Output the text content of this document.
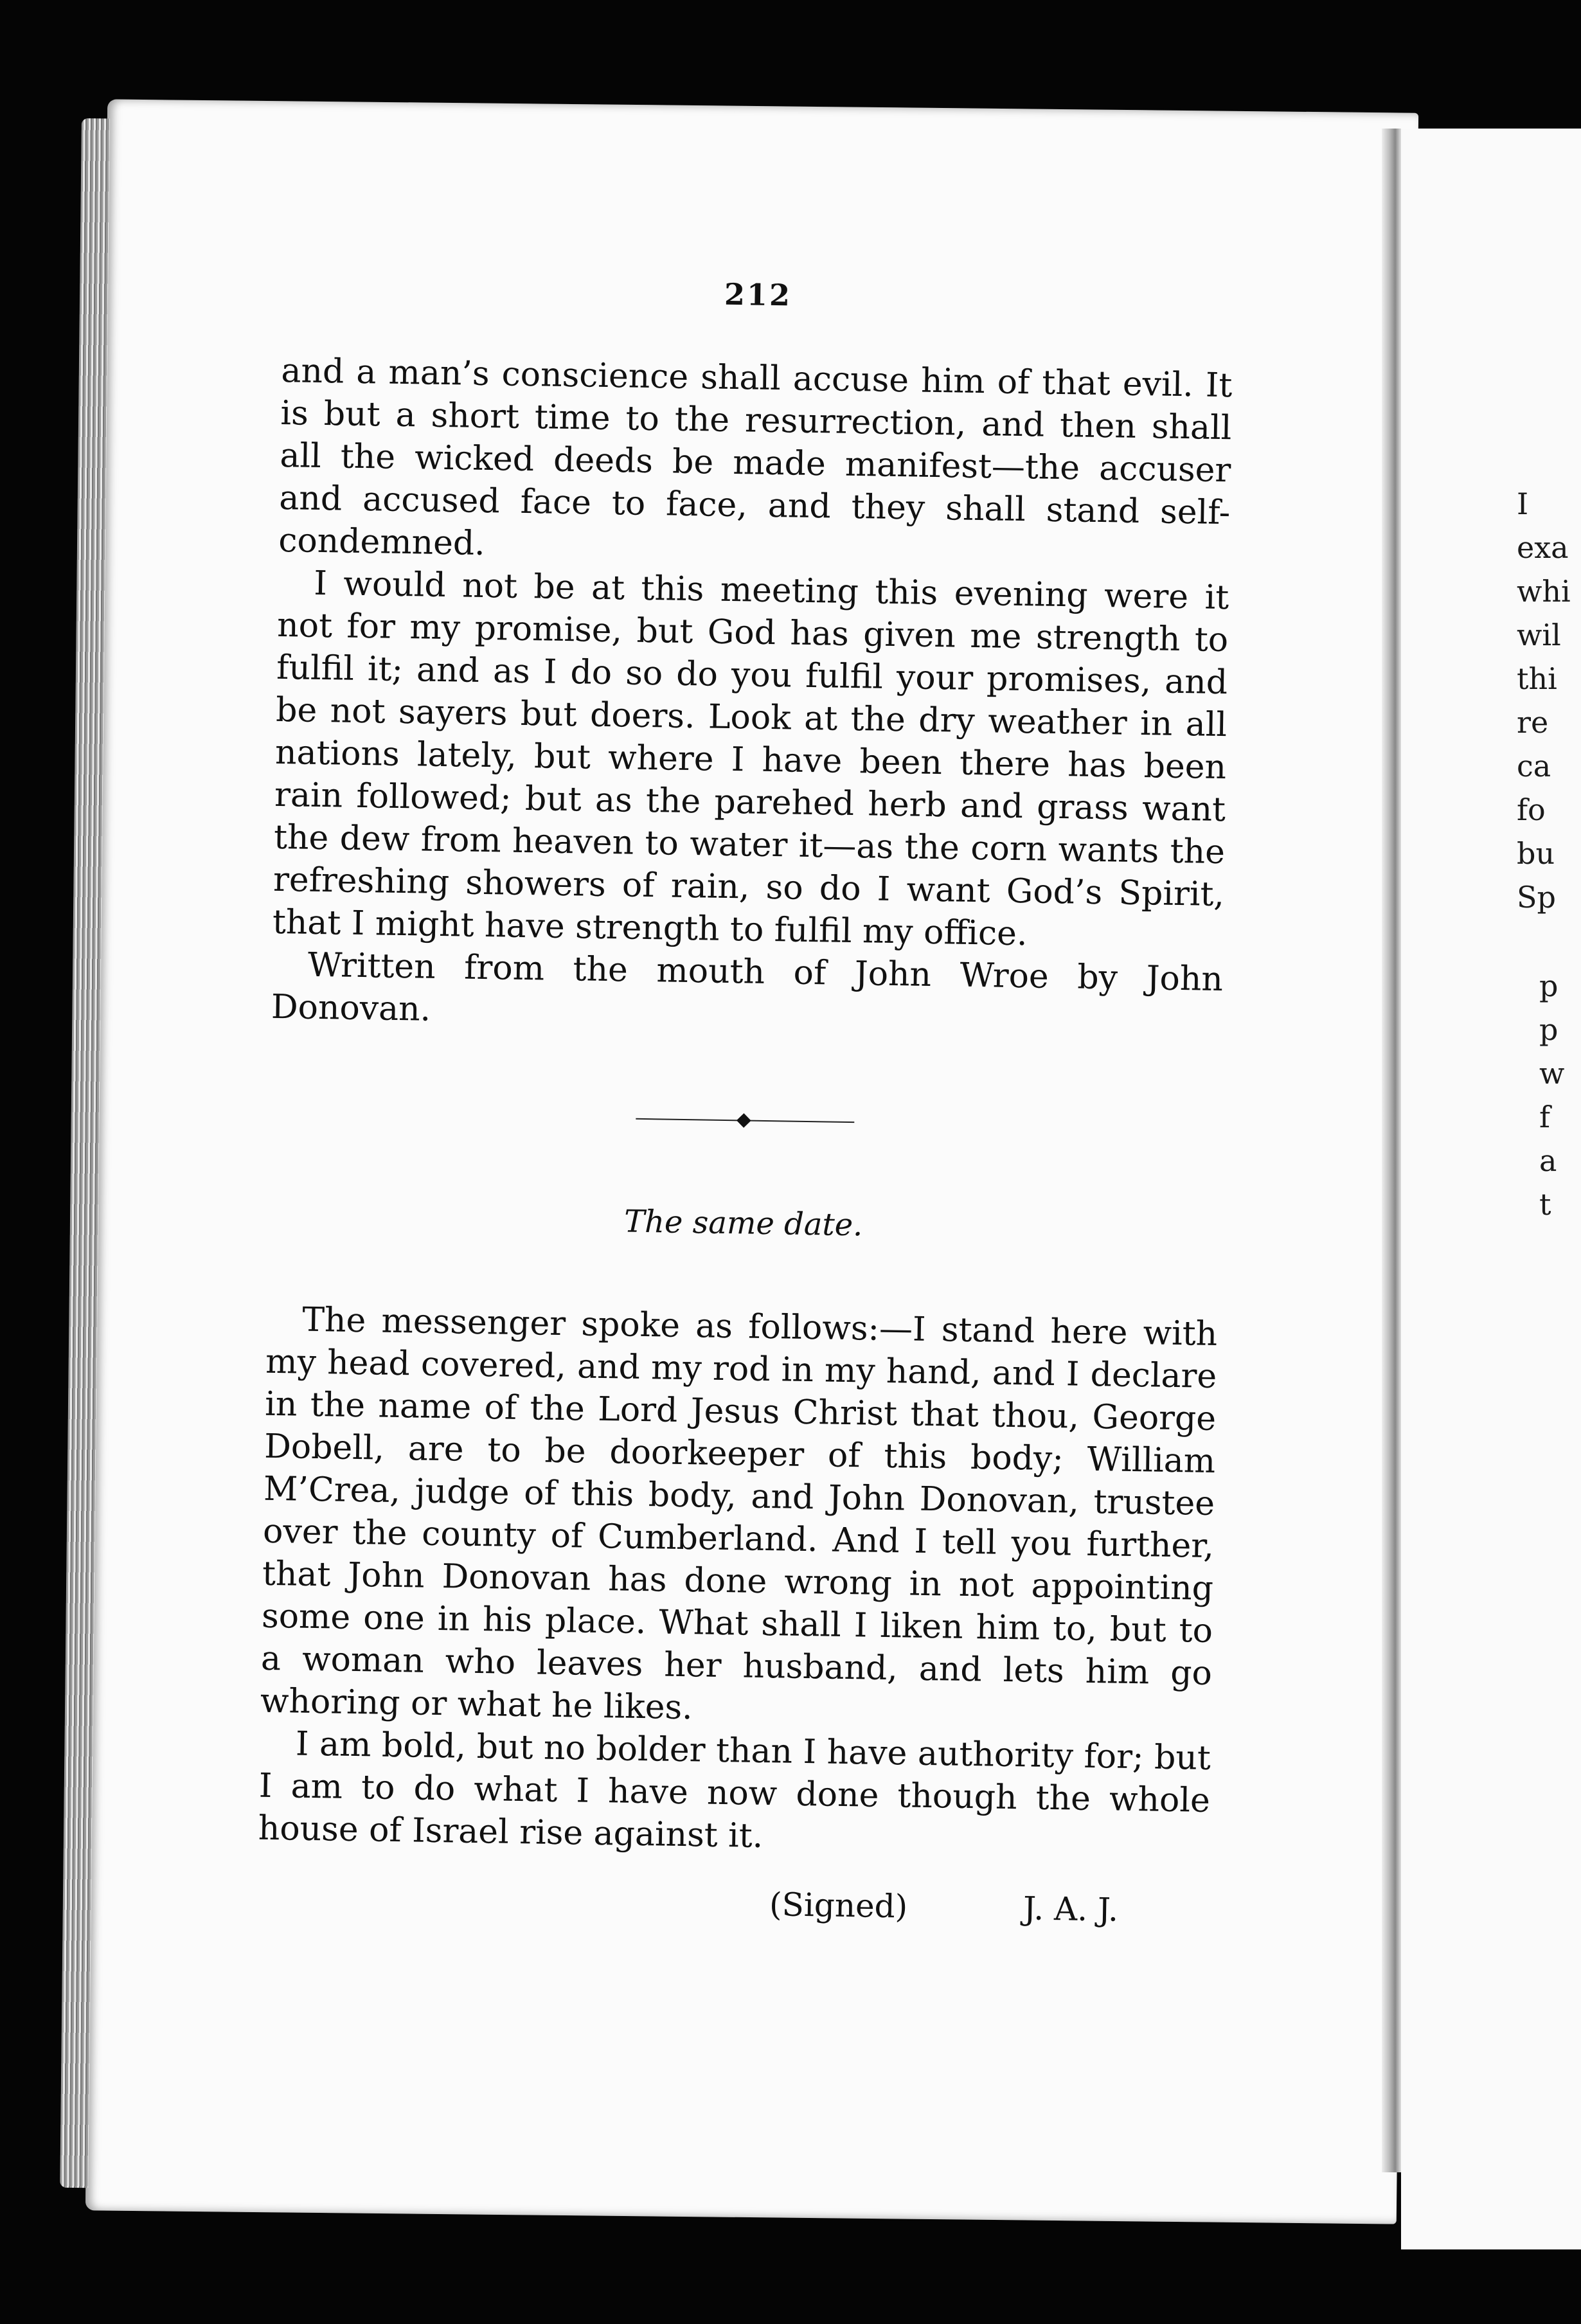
I
exa
whi
wil
thi
re
ca
fo
bu
Sp
p
p
w
f
a
t
212

and a man’s conscience shall accuse him of that evil. It is but a short time to the resurrection, and then shall all the wicked deeds be made manifest—the accuser and accused face to face, and they shall stand self-condemned.

I would not be at this meeting this evening were it not for my promise, but God has given me strength to fulfil it; and as I do so do you fulfil your promises, and be not sayers but doers. Look at the dry weather in all nations lately, but where I have been there has been rain followed; but as the parehed herb and grass want the dew from heaven to water it—as the corn wants the refreshing showers of rain, so do I want God’s Spirit, that I might have strength to fulfil my office.

Written from the mouth of John Wroe by John Donovan.

The same date.

The messenger spoke as follows:—I stand here with my head covered, and my rod in my hand, and I declare in the name of the Lord Jesus Christ that thou, George Dobell, are to be doorkeeper of this body; William M’Crea, judge of this body, and John Donovan, trustee over the county of Cumberland. And I tell you further, that John Donovan has done wrong in not appointing some one in his place. What shall I liken him to, but to a woman who leaves her husband, and lets him go whoring or what he likes.

I am bold, but no bolder than I have authority for; but I am to do what I have now done though the whole house of Israel rise against it.

(Signed)	J. A. J.
